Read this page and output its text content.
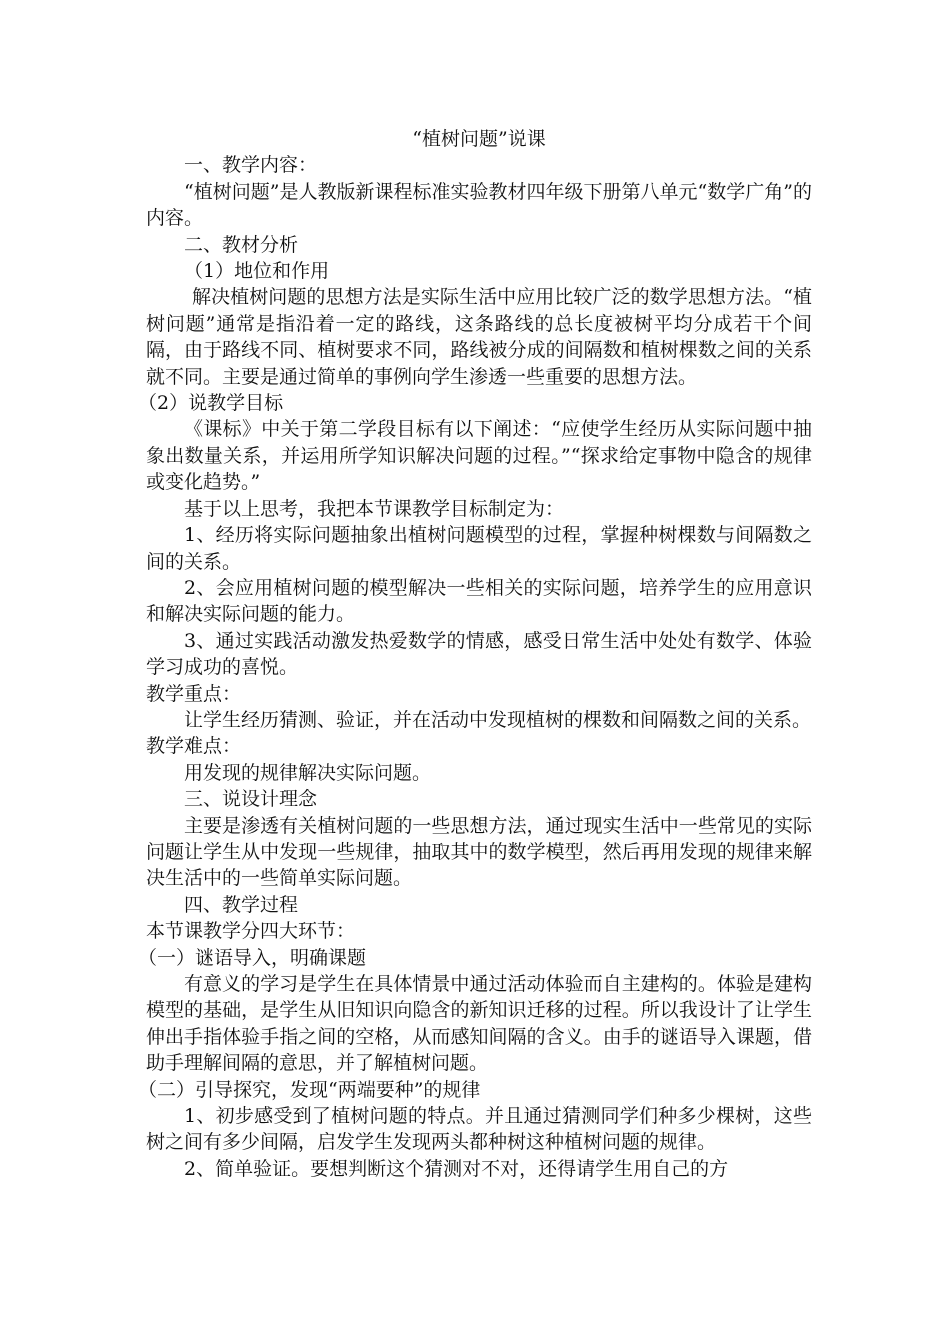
“植树问题”说课

一、教学内容：

“植树问题”是人教版新课程标准实验教材四年级下册第八单元“数学广角”的内容。

二、教材分析

（1）地位和作用

解决植树问题的思想方法是实际生活中应用比较广泛的数学思想方法。“植树问题”通常是指沿着一定的路线，这条路线的总长度被树平均分成若干个间隔，由于路线不同、植树要求不同，路线被分成的间隔数和植树棵数之间的关系就不同。主要是通过简单的事例向学生渗透一些重要的思想方法。

（2）说教学目标

《课标》中关于第二学段目标有以下阐述：“应使学生经历从实际问题中抽象出数量关系，并运用所学知识解决问题的过程。”“探求给定事物中隐含的规律或变化趋势。”

基于以上思考，我把本节课教学目标制定为：

1、经历将实际问题抽象出植树问题模型的过程，掌握种树棵数与间隔数之间的关系。

2、会应用植树问题的模型解决一些相关的实际问题，培养学生的应用意识和解决实际问题的能力。

3、通过实践活动激发热爱数学的情感，感受日常生活中处处有数学、体验学习成功的喜悦。

教学重点：

让学生经历猜测、验证，并在活动中发现植树的棵数和间隔数之间的关系。

教学难点：

用发现的规律解决实际问题。

三、说设计理念

主要是渗透有关植树问题的一些思想方法，通过现实生活中一些常见的实际问题让学生从中发现一些规律，抽取其中的数学模型，然后再用发现的规律来解决生活中的一些简单实际问题。

四、教学过程

本节课教学分四大环节：

（一）谜语导入，明确课题

有意义的学习是学生在具体情景中通过活动体验而自主建构的。体验是建构模型的基础，是学生从旧知识向隐含的新知识迁移的过程。所以我设计了让学生伸出手指体验手指之间的空格，从而感知间隔的含义。由手的谜语导入课题，借助手理解间隔的意思，并了解植树问题。

（二）引导探究，发现“两端要种”的规律

1、初步感受到了植树问题的特点。并且通过猜测同学们种多少棵树，这些树之间有多少间隔，启发学生发现两头都种树这种植树问题的规律。

2、简单验证。要想判断这个猜测对不对，还得请学生用自己的方
